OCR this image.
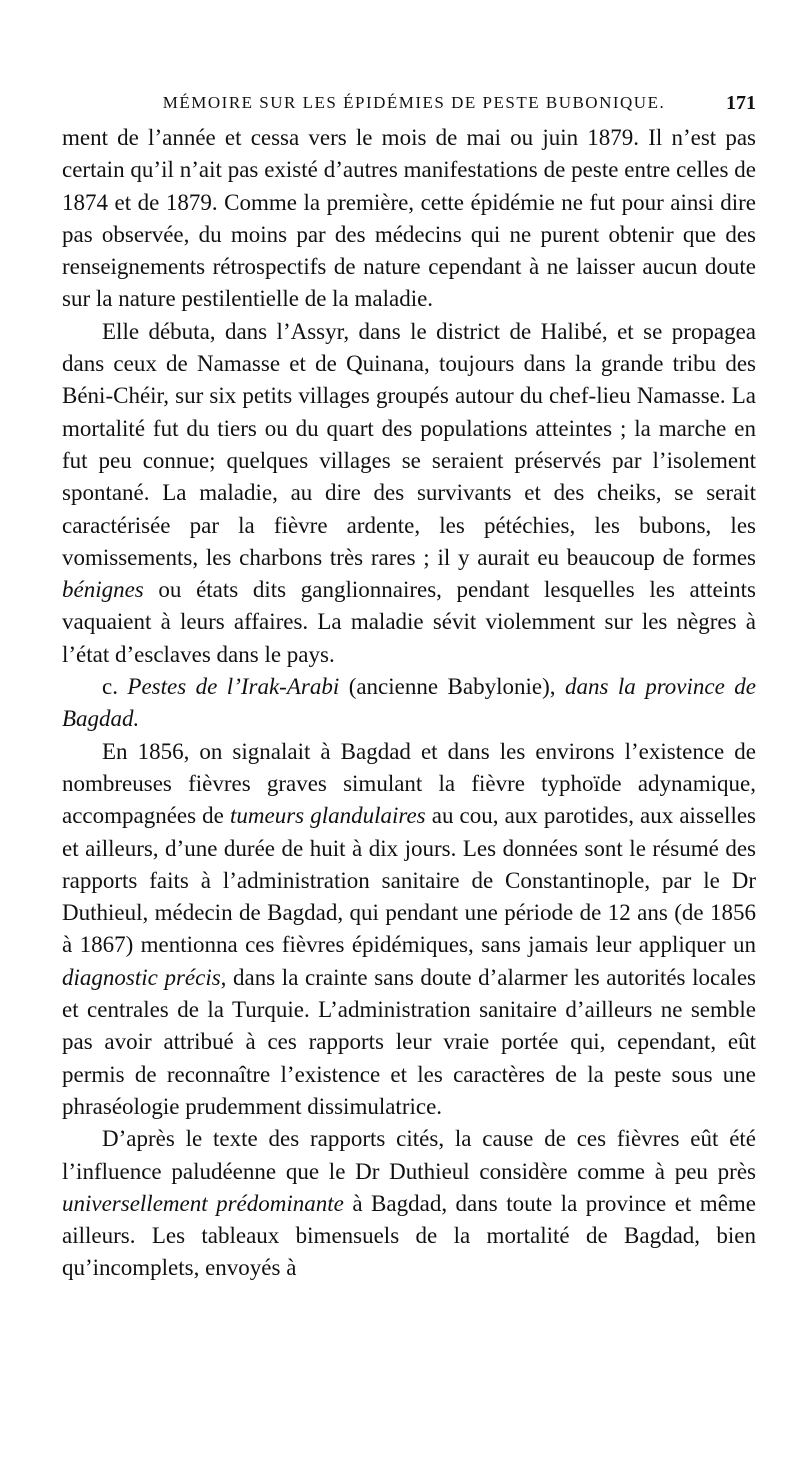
MÉMOIRE SUR LES ÉPIDÉMIES DE PESTE BUBONIQUE.	171

ment de l’année et cessa vers le mois de mai ou juin 1879. Il n’est pas certain qu’il n’ait pas existé d’autres manifestations de peste entre celles de 1874 et de 1879. Comme la première, cette épidémie ne fut pour ainsi dire pas observée, du moins par des médecins qui ne purent obtenir que des renseignements rétrospectifs de nature cependant à ne laisser aucun doute sur la nature pestilentielle de la maladie.

Elle débuta, dans l’Assyr, dans le district de Halibé, et se propagea dans ceux de Namasse et de Quinana, toujours dans la grande tribu des Béni-Chéir, sur six petits villages groupés autour du chef-lieu Namasse. La mortalité fut du tiers ou du quart des populations atteintes ; la marche en fut peu connue; quelques villages se seraient préservés par l’isolement spontané. La maladie, au dire des survivants et des cheiks, se serait caractérisée par la fièvre ardente, les pétéchies, les bubons, les vomissements, les charbons très rares ; il y aurait eu beaucoup de formes bénignes ou états dits ganglionnaires, pendant lesquelles les atteints vaquaient à leurs affaires. La maladie sévit violemment sur les nègres à l’état d’esclaves dans le pays.

c. Pestes de l’Irak-Arabi (ancienne Babylonie), dans la province de Bagdad.

En 1856, on signalait à Bagdad et dans les environs l’existence de nombreuses fièvres graves simulant la fièvre typhoïde adynamique, accompagnées de tumeurs glandulaires au cou, aux parotides, aux aisselles et ailleurs, d’une durée de huit à dix jours. Les données sont le résumé des rapports faits à l’administration sanitaire de Constantinople, par le Dr Duthieul, médecin de Bagdad, qui pendant une période de 12 ans (de 1856 à 1867) mentionna ces fièvres épidémiques, sans jamais leur appliquer un diagnostic précis, dans la crainte sans doute d’alarmer les autorités locales et centrales de la Turquie. L’administration sanitaire d’ailleurs ne semble pas avoir attribué à ces rapports leur vraie portée qui, cependant, eût permis de reconnaître l’existence et les caractères de la peste sous une phraséologie prudemment dissimulatrice.

D’après le texte des rapports cités, la cause de ces fièvres eût été l’influence paludéenne que le Dr Duthieul considère comme à peu près universellement prédominante à Bagdad, dans toute la province et même ailleurs. Les tableaux bimensuels de la mortalité de Bagdad, bien qu’incomplets, envoyés à
